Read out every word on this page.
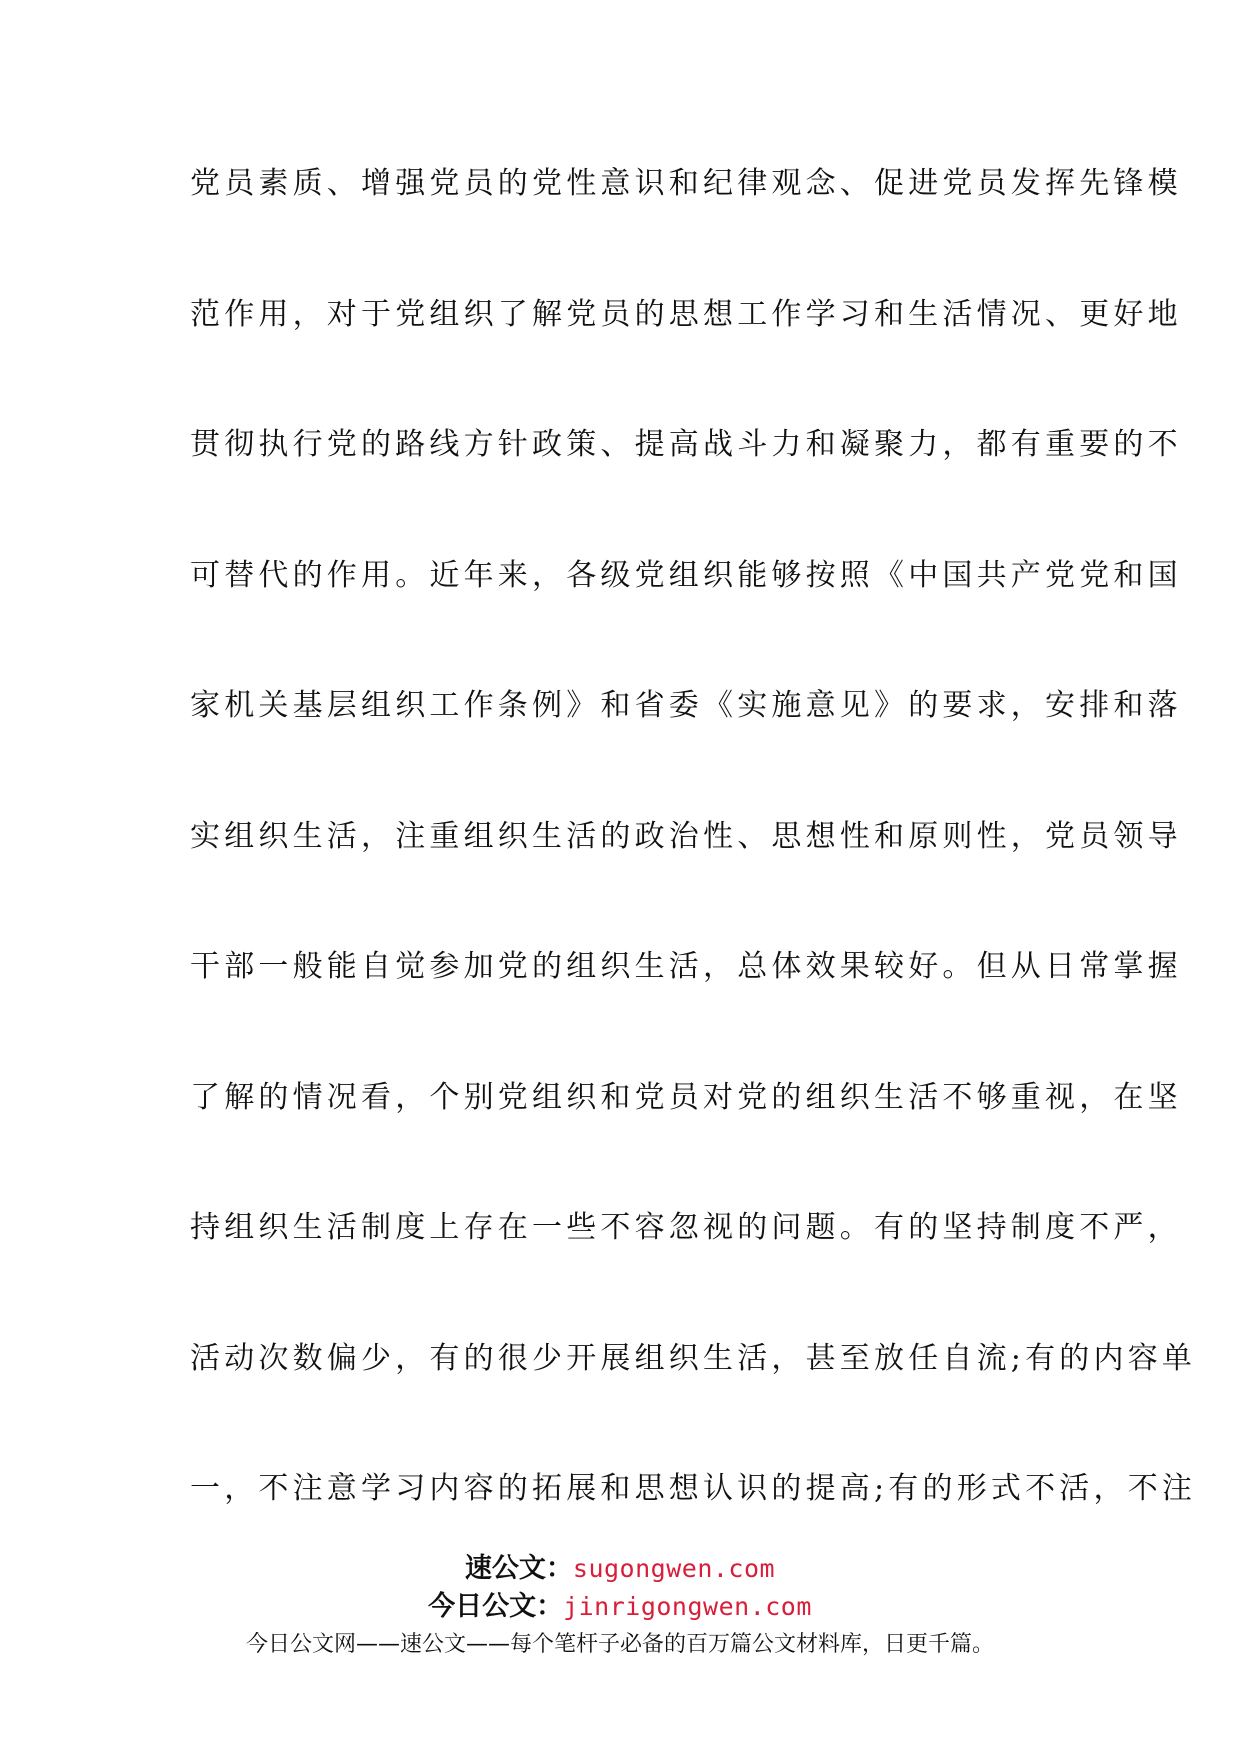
党员素质、增强党员的党性意识和纪律观念、促进党员发挥先锋模
范作用，对于党组织了解党员的思想工作学习和生活情况、更好地
贯彻执行党的路线方针政策、提高战斗力和凝聚力，都有重要的不
可替代的作用。近年来，各级党组织能够按照《中国共产党党和国
家机关基层组织工作条例》和省委《实施意见》的要求，安排和落
实组织生活，注重组织生活的政治性、思想性和原则性，党员领导
干部一般能自觉参加党的组织生活，总体效果较好。但从日常掌握
了解的情况看，个别党组织和党员对党的组织生活不够重视，在坚
持组织生活制度上存在一些不容忽视的问题。有的坚持制度不严，
活动次数偏少，有的很少开展组织生活，甚至放任自流;有的内容单
一，不注意学习内容的拓展和思想认识的提高;有的形式不活，不注
速公文：sugongwen.com
今日公文：jinrigongwen.com
今日公文网——速公文——每个笔杆子必备的百万篇公文材料库，日更千篇。
